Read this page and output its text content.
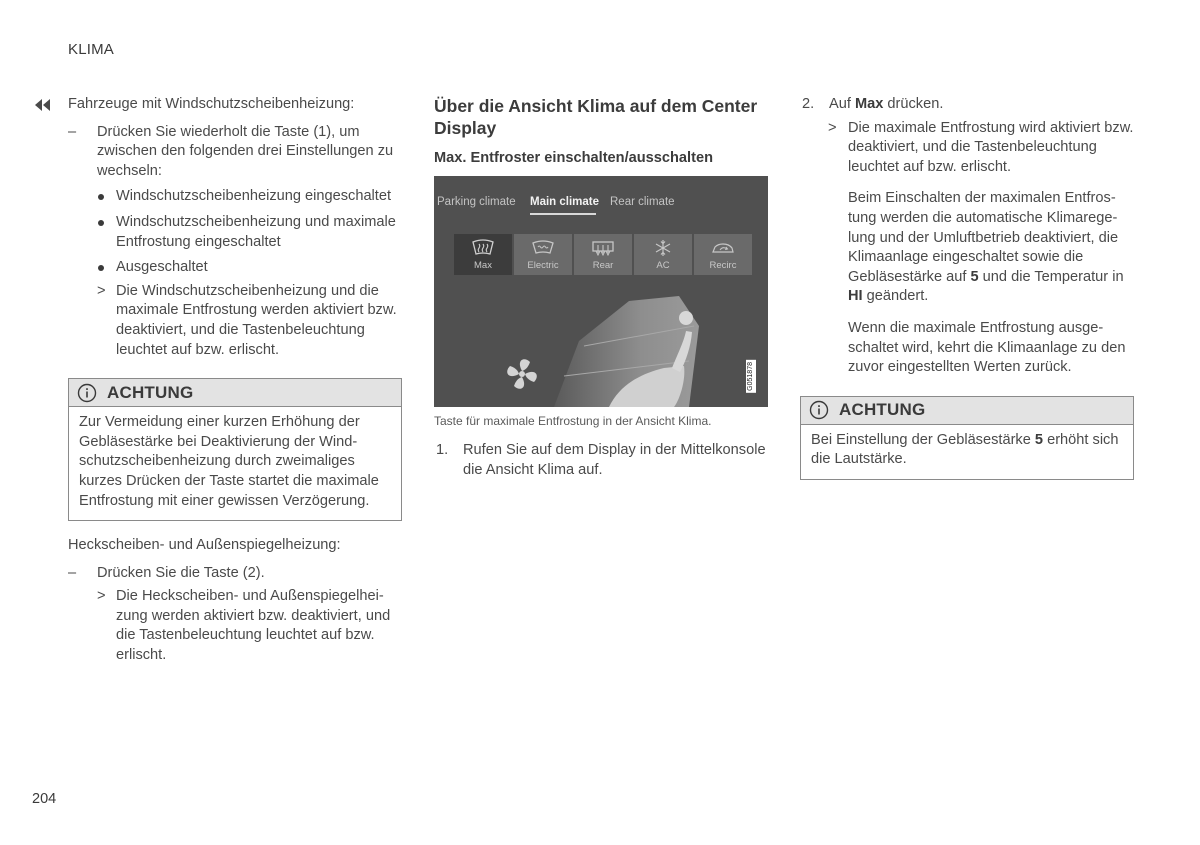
KLIMA

Fahrzeuge mit Windschutzscheibenheizung:

– Drücken Sie wiederholt die Taste (1), um zwischen den folgenden drei Einstellungen zu wechseln:

Windschutzscheibenheizung eingeschaltet

Windschutzscheibenheizung und maximale Entfrostung eingeschaltet

Ausgeschaltet

> Die Windschutzscheibenheizung und die maximale Entfrostung werden aktiviert bzw. deaktiviert, und die Tastenbeleuchtung leuchtet auf bzw. erlischt.

ACHTUNG
Zur Vermeidung einer kurzen Erhöhung der Gebläsestärke bei Deaktivierung der Windschutzscheibenheizung durch zweimaliges kurzes Drücken der Taste startet die maximale Entfrostung mit einer gewissen Verzögerung.

Heckscheiben- und Außenspiegelheizung:

– Drücken Sie die Taste (2).

> Die Heckscheiben- und Außenspiegelheizung werden aktiviert bzw. deaktiviert, und die Tastenbeleuchtung leuchtet auf bzw. erlischt.

Über die Ansicht Klima auf dem Center Display
Max. Entfroster einschalten/ausschalten
Parking climate Main climate Rear climate
Max	Electric	Rear	AC	Recirc
G051878
Taste für maximale Entfrostung in der Ansicht Klima.
1. Rufen Sie auf dem Display in der Mittelkonsole die Ansicht Klima auf.

2. Auf Max drücken.

> Die maximale Entfrostung wird aktiviert bzw. deaktiviert, und die Tastenbeleuchtung leuchtet auf bzw. erlischt.

Beim Einschalten der maximalen Entfrostung werden die automatische Klimaregelung und der Umluftbetrieb deaktiviert, die Klimaanlage eingeschaltet sowie die Gebläsestärke auf 5 und die Temperatur in HI geändert.

Wenn die maximale Entfrostung ausgeschaltet wird, kehrt die Klimaanlage zu den zuvor eingestellten Werten zurück.

ACHTUNG
Bei Einstellung der Gebläsestärke 5 erhöht sich die Lautstärke.
204
